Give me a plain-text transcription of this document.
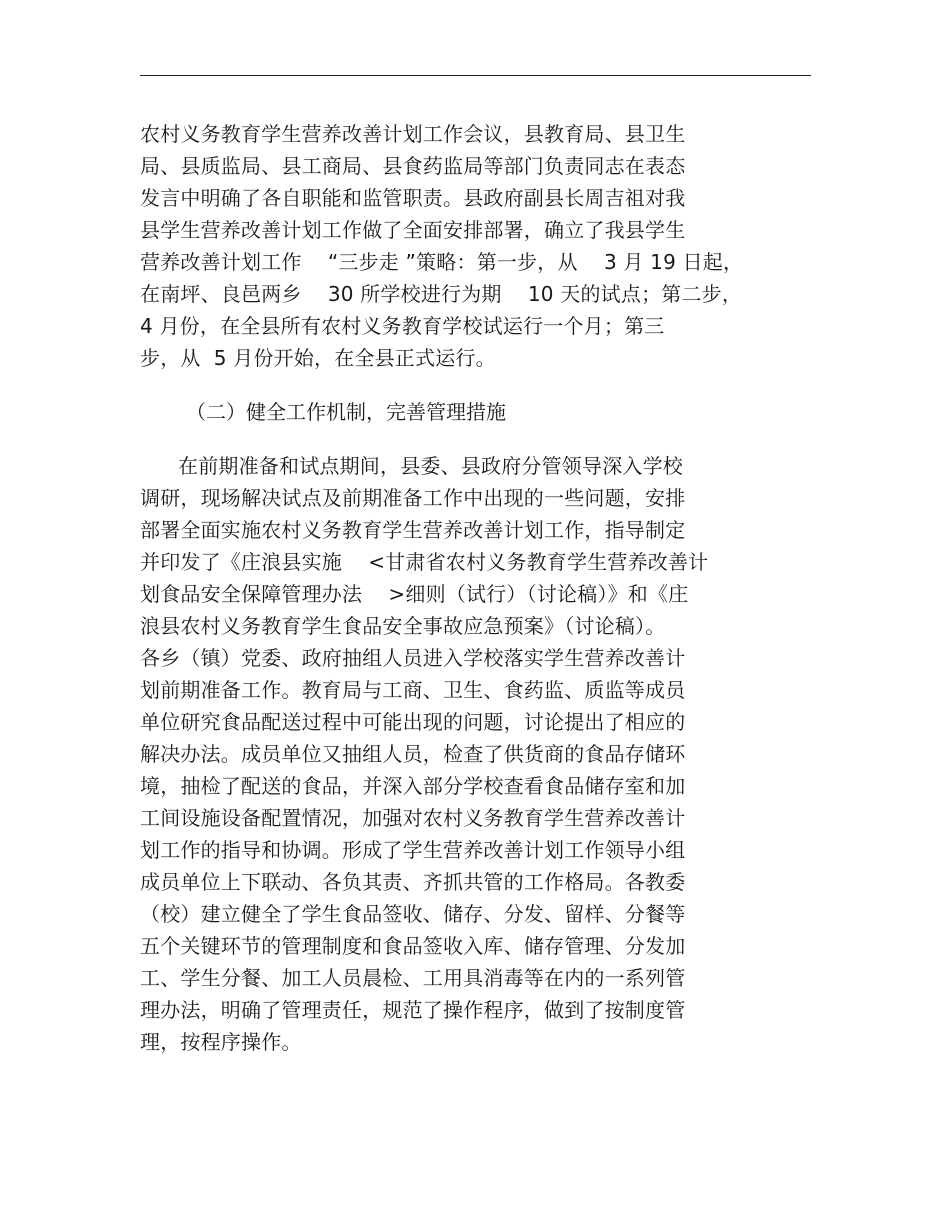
农村义务教育学生营养改善计划工作会议，县教育局、县卫生
局、县质监局、县工商局、县食药监局等部门负责同志在表态
发言中明确了各自职能和监管职责。县政府副县长周吉祖对我
县学生营养改善计划工作做了全面安排部署，确立了我县学生
营养改善计划工作    “三步走 ”策略：第一步，从    3 月 19 日起，
在南坪、良邑两乡    30 所学校进行为期    10 天的试点；第二步，
4 月份，在全县所有农村义务教育学校试运行一个月；第三
步，从  5 月份开始，在全县正式运行。
（二）健全工作机制，完善管理措施
在前期准备和试点期间，县委、县政府分管领导深入学校
调研，现场解决试点及前期准备工作中出现的一些问题，安排
部署全面实施农村义务教育学生营养改善计划工作，指导制定
并印发了《庄浪县实施    <甘肃省农村义务教育学生营养改善计
划食品安全保障管理办法    >细则（试行）（讨论稿）》和《庄
浪县农村义务教育学生食品安全事故应急预案》（讨论稿）。
各乡（镇）党委、政府抽组人员进入学校落实学生营养改善计
划前期准备工作。教育局与工商、卫生、食药监、质监等成员
单位研究食品配送过程中可能出现的问题，讨论提出了相应的
解决办法。成员单位又抽组人员，检查了供货商的食品存储环
境，抽检了配送的食品，并深入部分学校查看食品储存室和加
工间设施设备配置情况，加强对农村义务教育学生营养改善计
划工作的指导和协调。形成了学生营养改善计划工作领导小组
成员单位上下联动、各负其责、齐抓共管的工作格局。各教委
（校）建立健全了学生食品签收、储存、分发、留样、分餐等
五个关键环节的管理制度和食品签收入库、储存管理、分发加
工、学生分餐、加工人员晨检、工用具消毒等在内的一系列管
理办法，明确了管理责任，规范了操作程序，做到了按制度管
理，按程序操作。
